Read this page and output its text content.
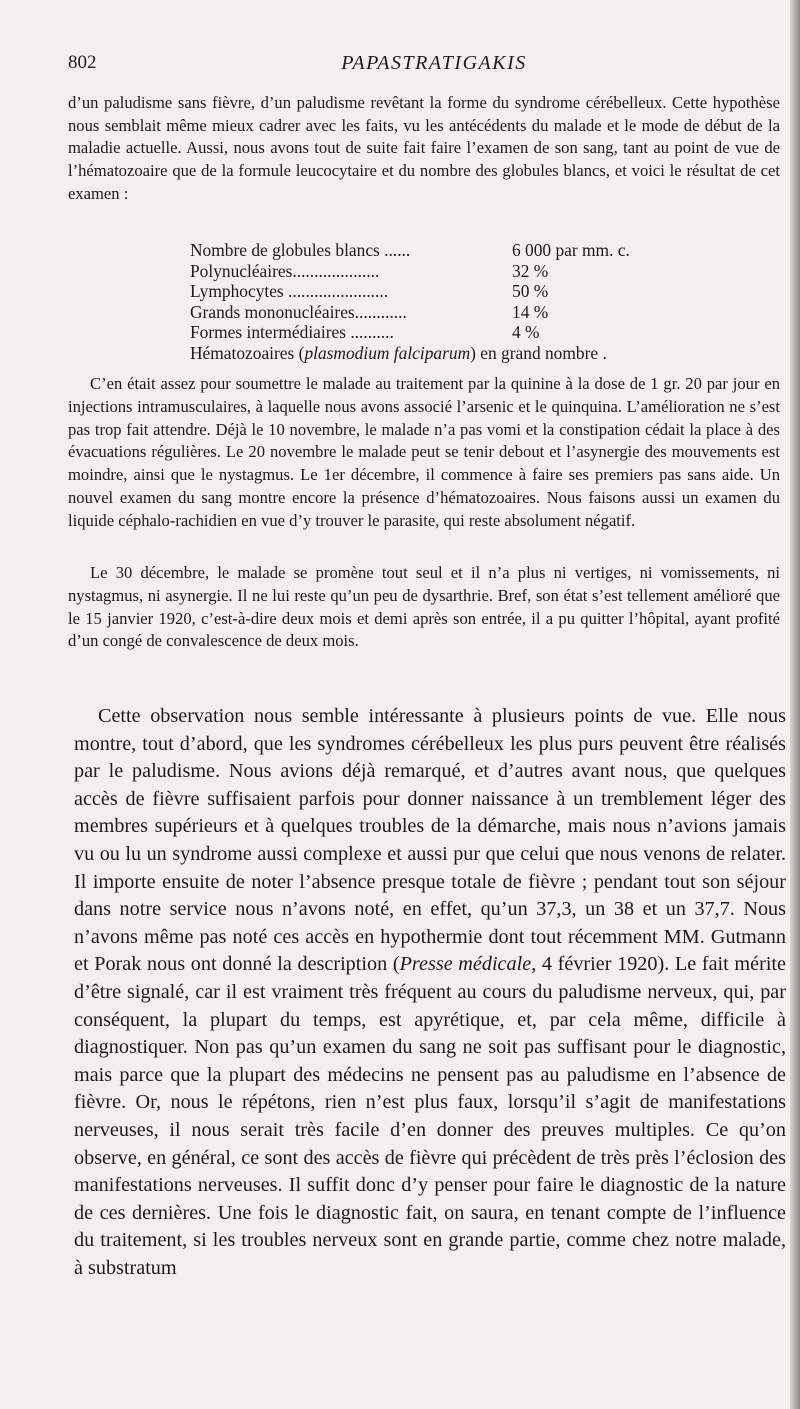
802	PAPASTRATIGAKIS

d’un paludisme sans fièvre, d’un paludisme revêtant la forme du syndrome cérébelleux. Cette hypothèse nous semblait même mieux cadrer avec les faits, vu les antécédents du malade et le mode de début de la maladie actuelle. Aussi, nous avons tout de suite fait faire l’examen de son sang, tant au point de vue de l’hématozoaire que de la formule leucocytaire et du nombre des globules blancs, et voici le résultat de cet examen :

Nombre de globules blancs ......	6 000 par mm. c.
Polynucléaires....................	32 %
Lymphocytes .......................	50 %
Grands mononucléaires............	14 %
Formes intermédiaires ..........	4 %
Hématozoaires ( plasmodium falciparum ) en grand nombre .

C’en était assez pour soumettre le malade au traitement par la quinine à la dose de 1 gr. 20 par jour en injections intramusculaires, à laquelle nous avons associé l’arsenic et le quinquina. L’amélioration ne s’est pas trop fait attendre. Déjà le 10 novembre, le malade n’a pas vomi et la constipation cédait la place à des évacuations régulières. Le 20 novembre le malade peut se tenir debout et l’asynergie des mouvements est moindre, ainsi que le nystagmus. Le 1er décembre, il commence à faire ses premiers pas sans aide. Un nouvel examen du sang montre encore la présence d’hématozoaires. Nous faisons aussi un examen du liquide céphalo-rachidien en vue d’y trouver le parasite, qui reste absolument négatif.

Le 30 décembre, le malade se promène tout seul et il n’a plus ni vertiges, ni vomissements, ni nystagmus, ni asynergie. Il ne lui reste qu’un peu de dysarthrie. Bref, son état s’est tellement amélioré que le 15 janvier 1920, c’est-à-dire deux mois et demi après son entrée, il a pu quitter l’hôpital, ayant profité d’un congé de convalescence de deux mois.

Cette observation nous semble intéressante à plusieurs points de vue. Elle nous montre, tout d’abord, que les syndromes cérébelleux les plus purs peuvent être réalisés par le paludisme. Nous avions déjà remarqué, et d’autres avant nous, que quelques accès de fièvre suffisaient parfois pour donner naissance à un tremblement léger des membres supérieurs et à quelques troubles de la démarche, mais nous n’avions jamais vu ou lu un syndrome aussi complexe et aussi pur que celui que nous venons de relater. Il importe ensuite de noter l’absence presque totale de fièvre ; pendant tout son séjour dans notre service nous n’avons noté, en effet, qu’un 37,3, un 38 et un 37,7. Nous n’avons même pas noté ces accès en hypothermie dont tout récemment MM. Gutmann et Porak nous ont donné la description (Presse médicale, 4 février 1920). Le fait mérite d’être signalé, car il est vraiment très fréquent au cours du paludisme nerveux, qui, par conséquent, la plupart du temps, est apyrétique, et, par cela même, difficile à diagnostiquer. Non pas qu’un examen du sang ne soit pas suffisant pour le diagnostic, mais parce que la plupart des médecins ne pensent pas au paludisme en l’absence de fièvre. Or, nous le répétons, rien n’est plus faux, lorsqu’il s’agit de manifestations nerveuses, il nous serait très facile d’en donner des preuves multiples. Ce qu’on observe, en général, ce sont des accès de fièvre qui précèdent de très près l’éclosion des manifestations nerveuses. Il suffit donc d’y penser pour faire le diagnostic de la nature de ces dernières. Une fois le diagnostic fait, on saura, en tenant compte de l’influence du traitement, si les troubles nerveux sont en grande partie, comme chez notre malade, à substratum
